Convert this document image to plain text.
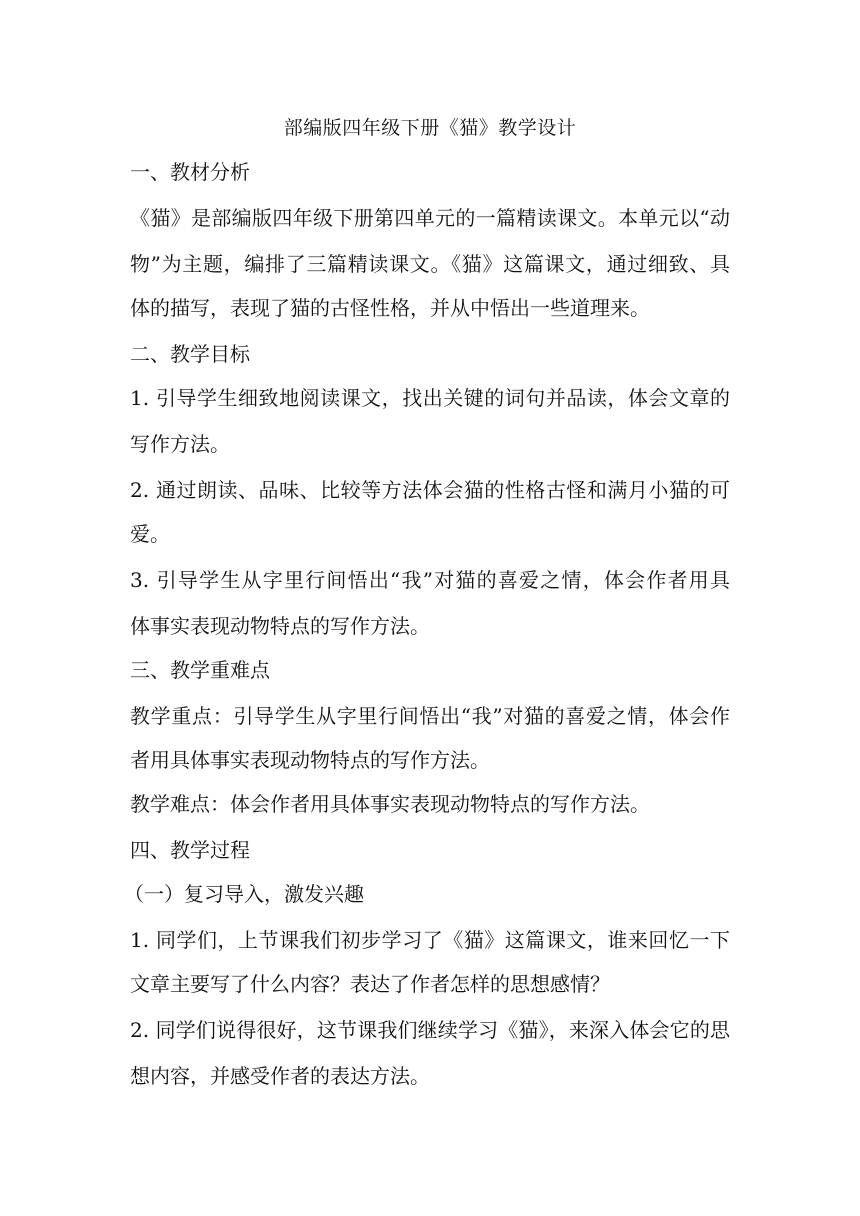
部编版四年级下册《猫》教学设计
一、教材分析
《猫》是部编版四年级下册第四单元的一篇精读课文。本单元以“动
物”为主题，编排了三篇精读课文。《猫》这篇课文，通过细致、具
体的描写，表现了猫的古怪性格，并从中悟出一些道理来。
二、教学目标
1. 引导学生细致地阅读课文，找出关键的词句并品读，体会文章的
写作方法。
2. 通过朗读、品味、比较等方法体会猫的性格古怪和满月小猫的可
爱。
3. 引导学生从字里行间悟出“我”对猫的喜爱之情，体会作者用具
体事实表现动物特点的写作方法。
三、教学重难点
教学重点：引导学生从字里行间悟出“我”对猫的喜爱之情，体会作
者用具体事实表现动物特点的写作方法。
教学难点：体会作者用具体事实表现动物特点的写作方法。
四、教学过程
（一）复习导入，激发兴趣
1. 同学们，上节课我们初步学习了《猫》这篇课文，谁来回忆一下
文章主要写了什么内容？表达了作者怎样的思想感情？
2. 同学们说得很好，这节课我们继续学习《猫》，来深入体会它的思
想内容，并感受作者的表达方法。
